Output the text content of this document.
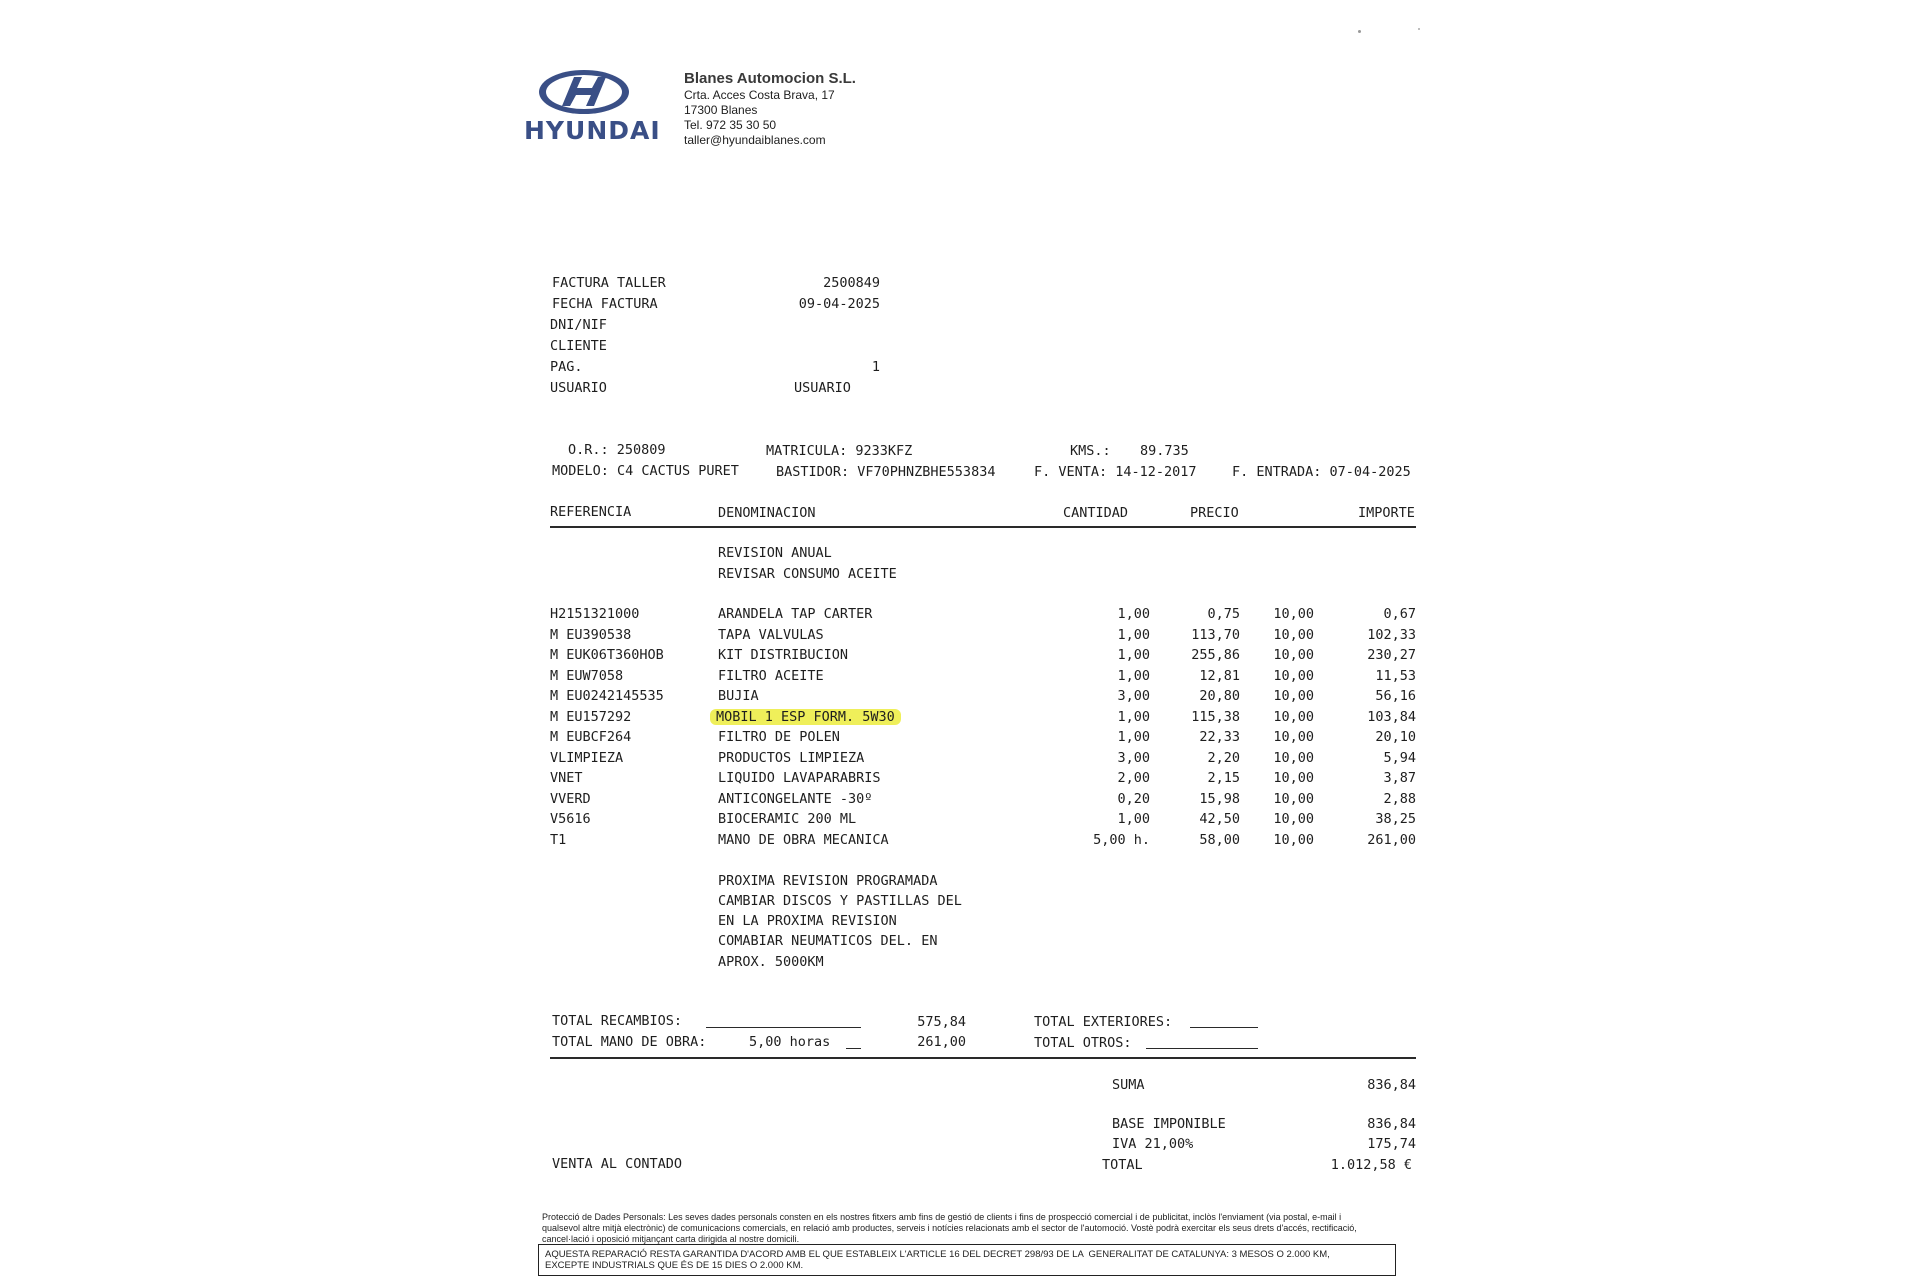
HYUNDAI
Blanes Automocion S.L.
Crta. Acces Costa Brava, 17
17300 Blanes
Tel. 972 35 30 50
taller@hyundaiblanes.com
FACTURA TALLER	2500849
FECHA FACTURA	09-04-2025
DNI/NIF
CLIENTE
PAG.	1
USUARIO	USUARIO
O.R.: 250809	MATRICULA: 9233KFZ	KMS.: 89.735
MODELO: C4 CACTUS PURET	BASTIDOR: VF70PHNZBHE553834	F. VENTA: 14-12-2017	F. ENTRADA: 07-04-2025
REFERENCIA	DENOMINACION	CANTIDAD	PRECIO	IMPORTE
REVISION ANUAL
REVISAR CONSUMO ACEITE
H2151321000	ARANDELA TAP CARTER	1,00	0,75	10,00	0,67
M EU390538	TAPA VALVULAS	1,00	113,70	10,00	102,33
M EUK06T360HOB	KIT DISTRIBUCION	1,00	255,86	10,00	230,27
M EUW7058	FILTRO ACEITE	1,00	12,81	10,00	11,53
M EU0242145535	BUJIA	3,00	20,80	10,00	56,16
M EU157292	MOBIL 1 ESP FORM. 5W30	1,00	115,38	10,00	103,84
M EUBCF264	FILTRO DE POLEN	1,00	22,33	10,00	20,10
VLIMPIEZA	PRODUCTOS LIMPIEZA	3,00	2,20	10,00	5,94
VNET	LIQUIDO LAVAPARABRIS	2,00	2,15	10,00	3,87
VVERD	ANTICONGELANTE -30º	0,20	15,98	10,00	2,88
V5616	BIOCERAMIC 200 ML	1,00	42,50	10,00	38,25
T1	MANO DE OBRA MECANICA	5,00 h.	58,00	10,00	261,00
PROXIMA REVISION PROGRAMADA
CAMBIAR DISCOS Y PASTILLAS DEL
EN LA PROXIMA REVISION
COMABIAR NEUMATICOS DEL. EN
APROX. 5000KM
TOTAL RECAMBIOS:	575,84
TOTAL MANO DE OBRA:	5,00 horas	261,00
TOTAL EXTERIORES:
TOTAL OTROS:
SUMA	836,84
BASE IMPONIBLE	836,84
IVA 21,00%	175,74
VENTA AL CONTADO	TOTAL	1.012,58 €
Protecció de Dades Personals: Les seves dades personals consten en els nostres fitxers amb fins de gestió de clients i fins de prospecció comercial i de publicitat, inclòs l'enviament (via postal, e-mail i
qualsevol altre mitjà electrònic) de comunicacions comercials, en relació amb productes, serveis i notícies relacionats amb el sector de l'automoció. Vostè podrà exercitar els seus drets d'accés, rectificació,
cancel·lació i oposició mitjançant carta dirigida al nostre domicili.
AQUESTA REPARACIÓ RESTA GARANTIDA D'ACORD AMB EL QUE ESTABLEIX L'ARTICLE 16 DEL DECRET 298/93 DE LA  GENERALITAT DE CATALUNYA: 3 MESOS O 2.000 KM,
EXCEPTE INDUSTRIALS QUE ÉS DE 15 DIES O 2.000 KM.
